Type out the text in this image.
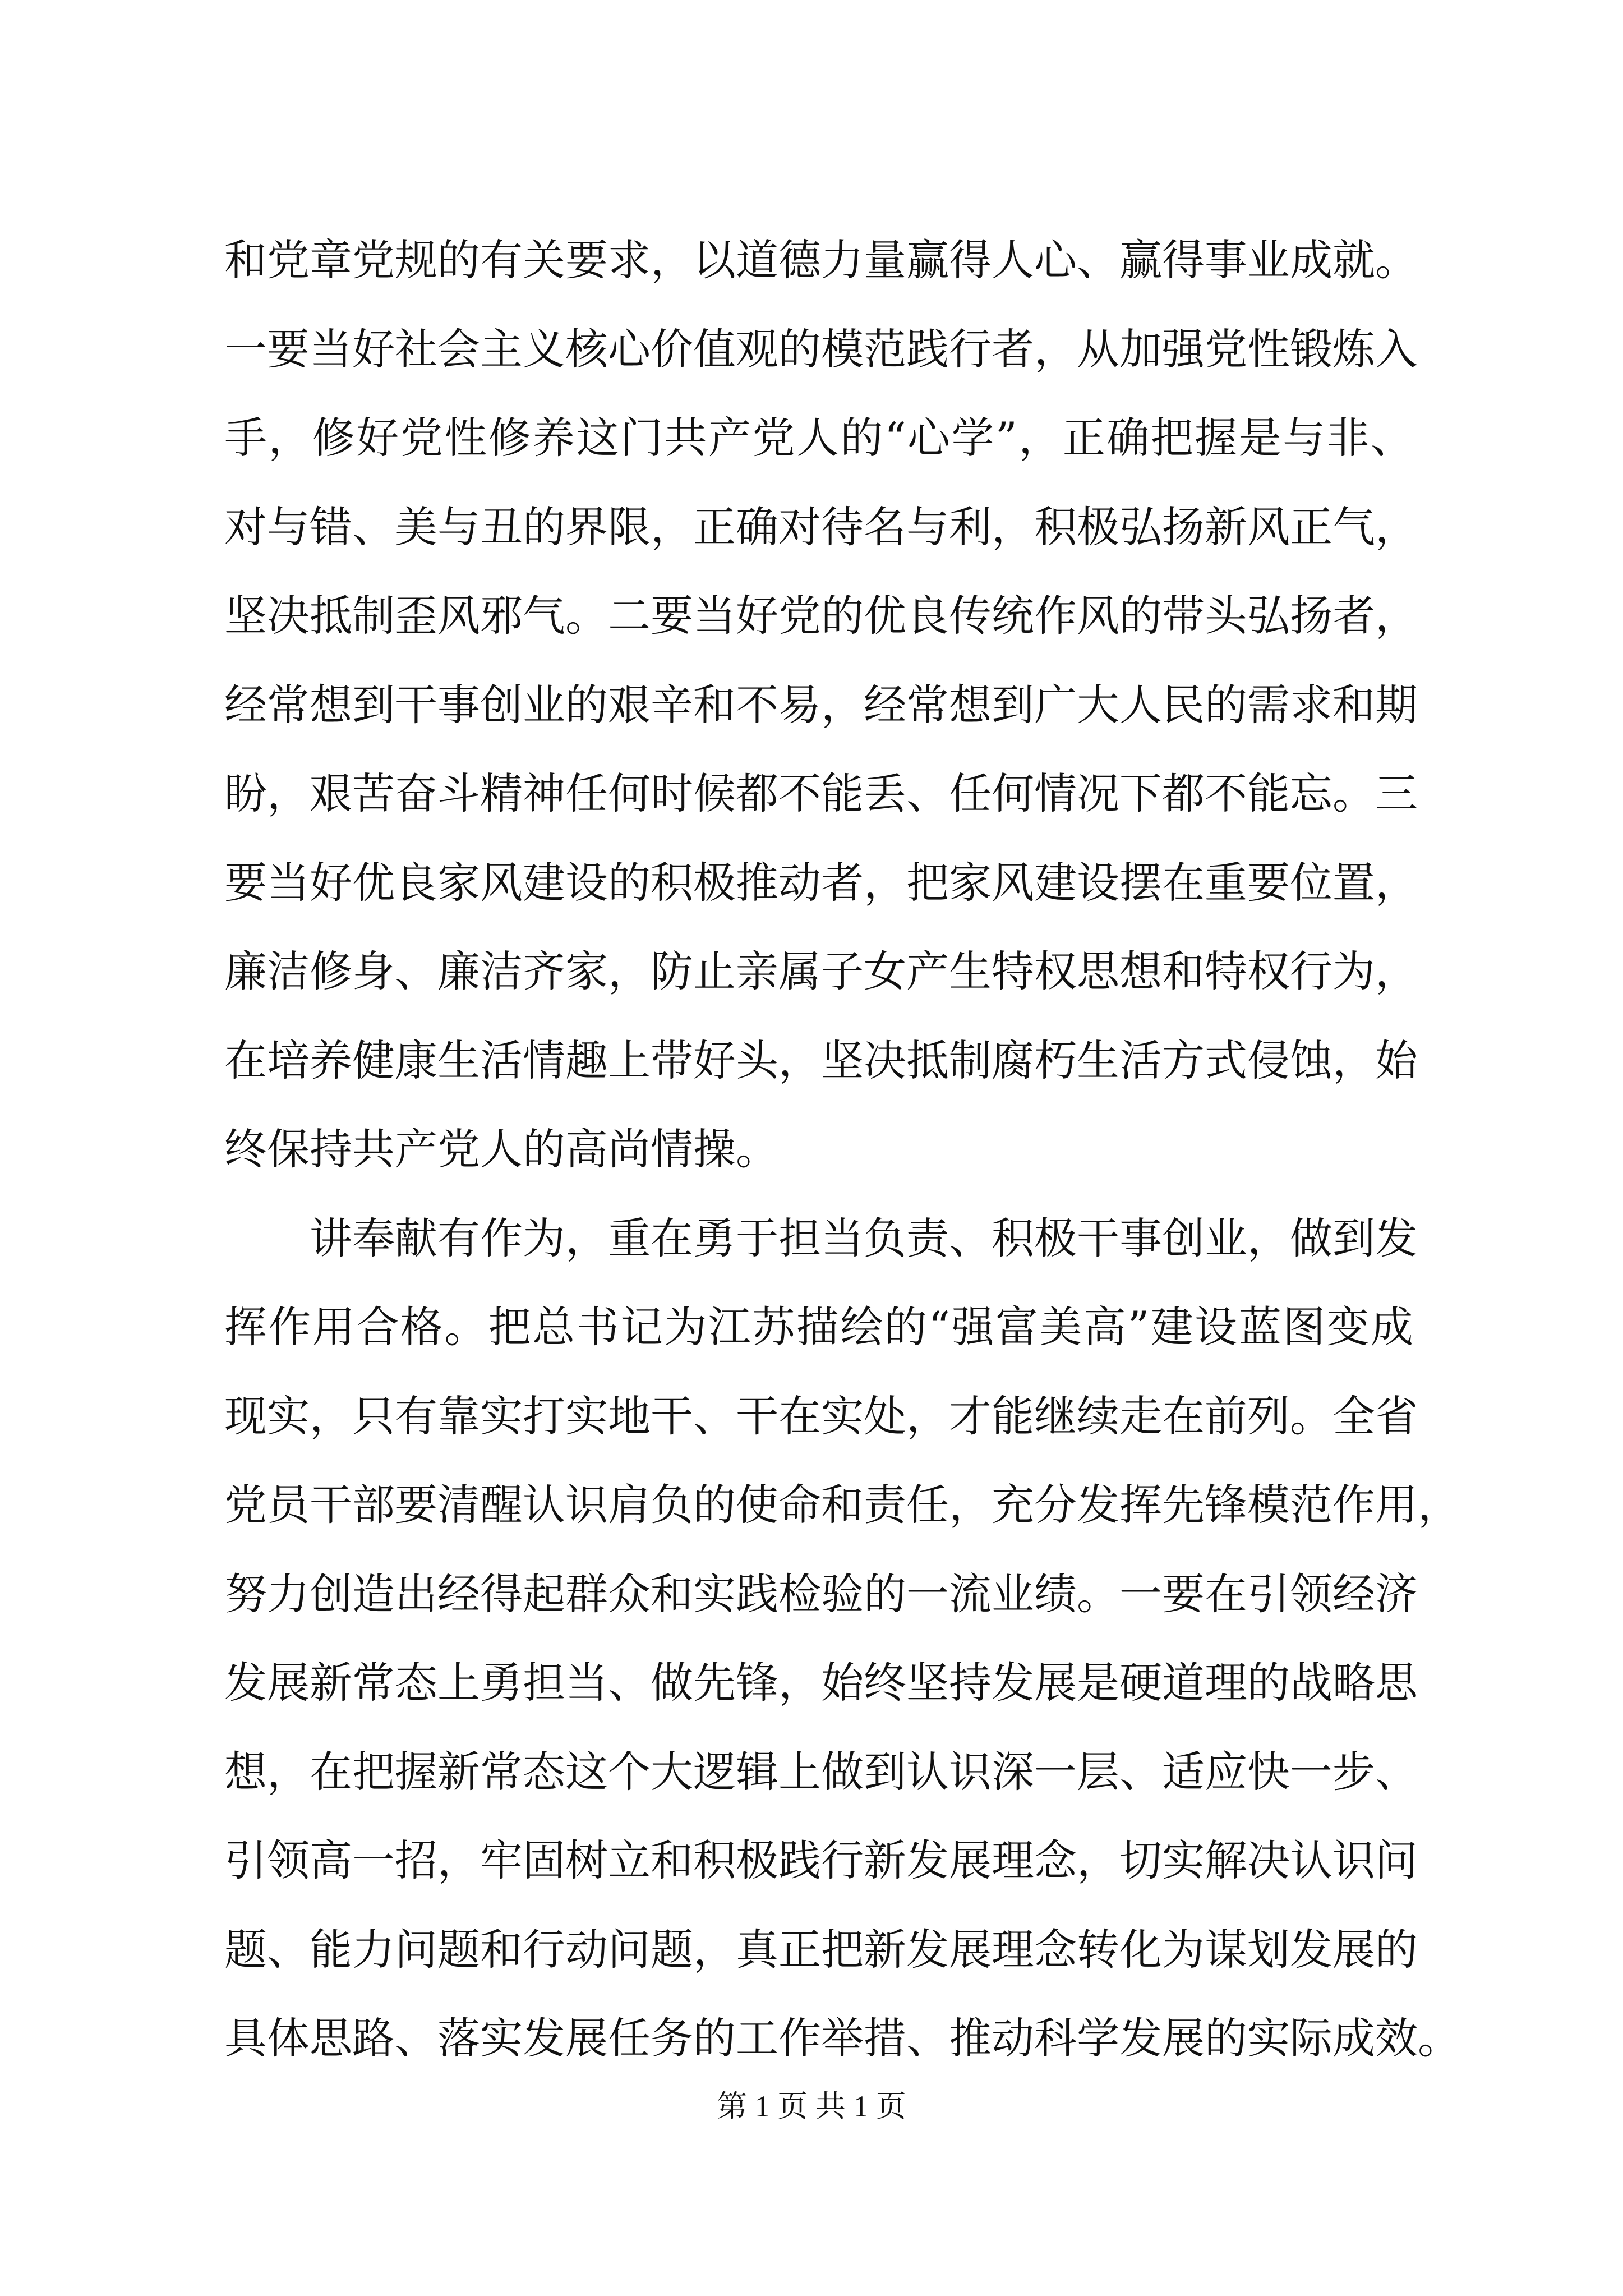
和党章党规的有关要求，以道德力量赢得人心、赢得事业成就。
一要当好社会主义核心价值观的模范践行者，从加强党性锻炼入
手，修好党性修养这门共产党人的“心学”，正确把握是与非、
对与错、美与丑的界限，正确对待名与利，积极弘扬新风正气，
坚决抵制歪风邪气。二要当好党的优良传统作风的带头弘扬者，
经常想到干事创业的艰辛和不易，经常想到广大人民的需求和期
盼，艰苦奋斗精神任何时候都不能丢、任何情况下都不能忘。三
要当好优良家风建设的积极推动者，把家风建设摆在重要位置，
廉洁修身、廉洁齐家，防止亲属子女产生特权思想和特权行为，
在培养健康生活情趣上带好头，坚决抵制腐朽生活方式侵蚀，始
终保持共产党人的高尚情操。
讲奉献有作为，重在勇于担当负责、积极干事创业，做到发
挥作用合格。把总书记为江苏描绘的“强富美高”建设蓝图变成
现实，只有靠实打实地干、干在实处，才能继续走在前列。全省
党员干部要清醒认识肩负的使命和责任，充分发挥先锋模范作用，
努力创造出经得起群众和实践检验的一流业绩。一要在引领经济
发展新常态上勇担当、做先锋，始终坚持发展是硬道理的战略思
想，在把握新常态这个大逻辑上做到认识深一层、适应快一步、
引领高一招，牢固树立和积极践行新发展理念，切实解决认识问
题、能力问题和行动问题，真正把新发展理念转化为谋划发展的
具体思路、落实发展任务的工作举措、推动科学发展的实际成效。
第 1 页 共 1 页
